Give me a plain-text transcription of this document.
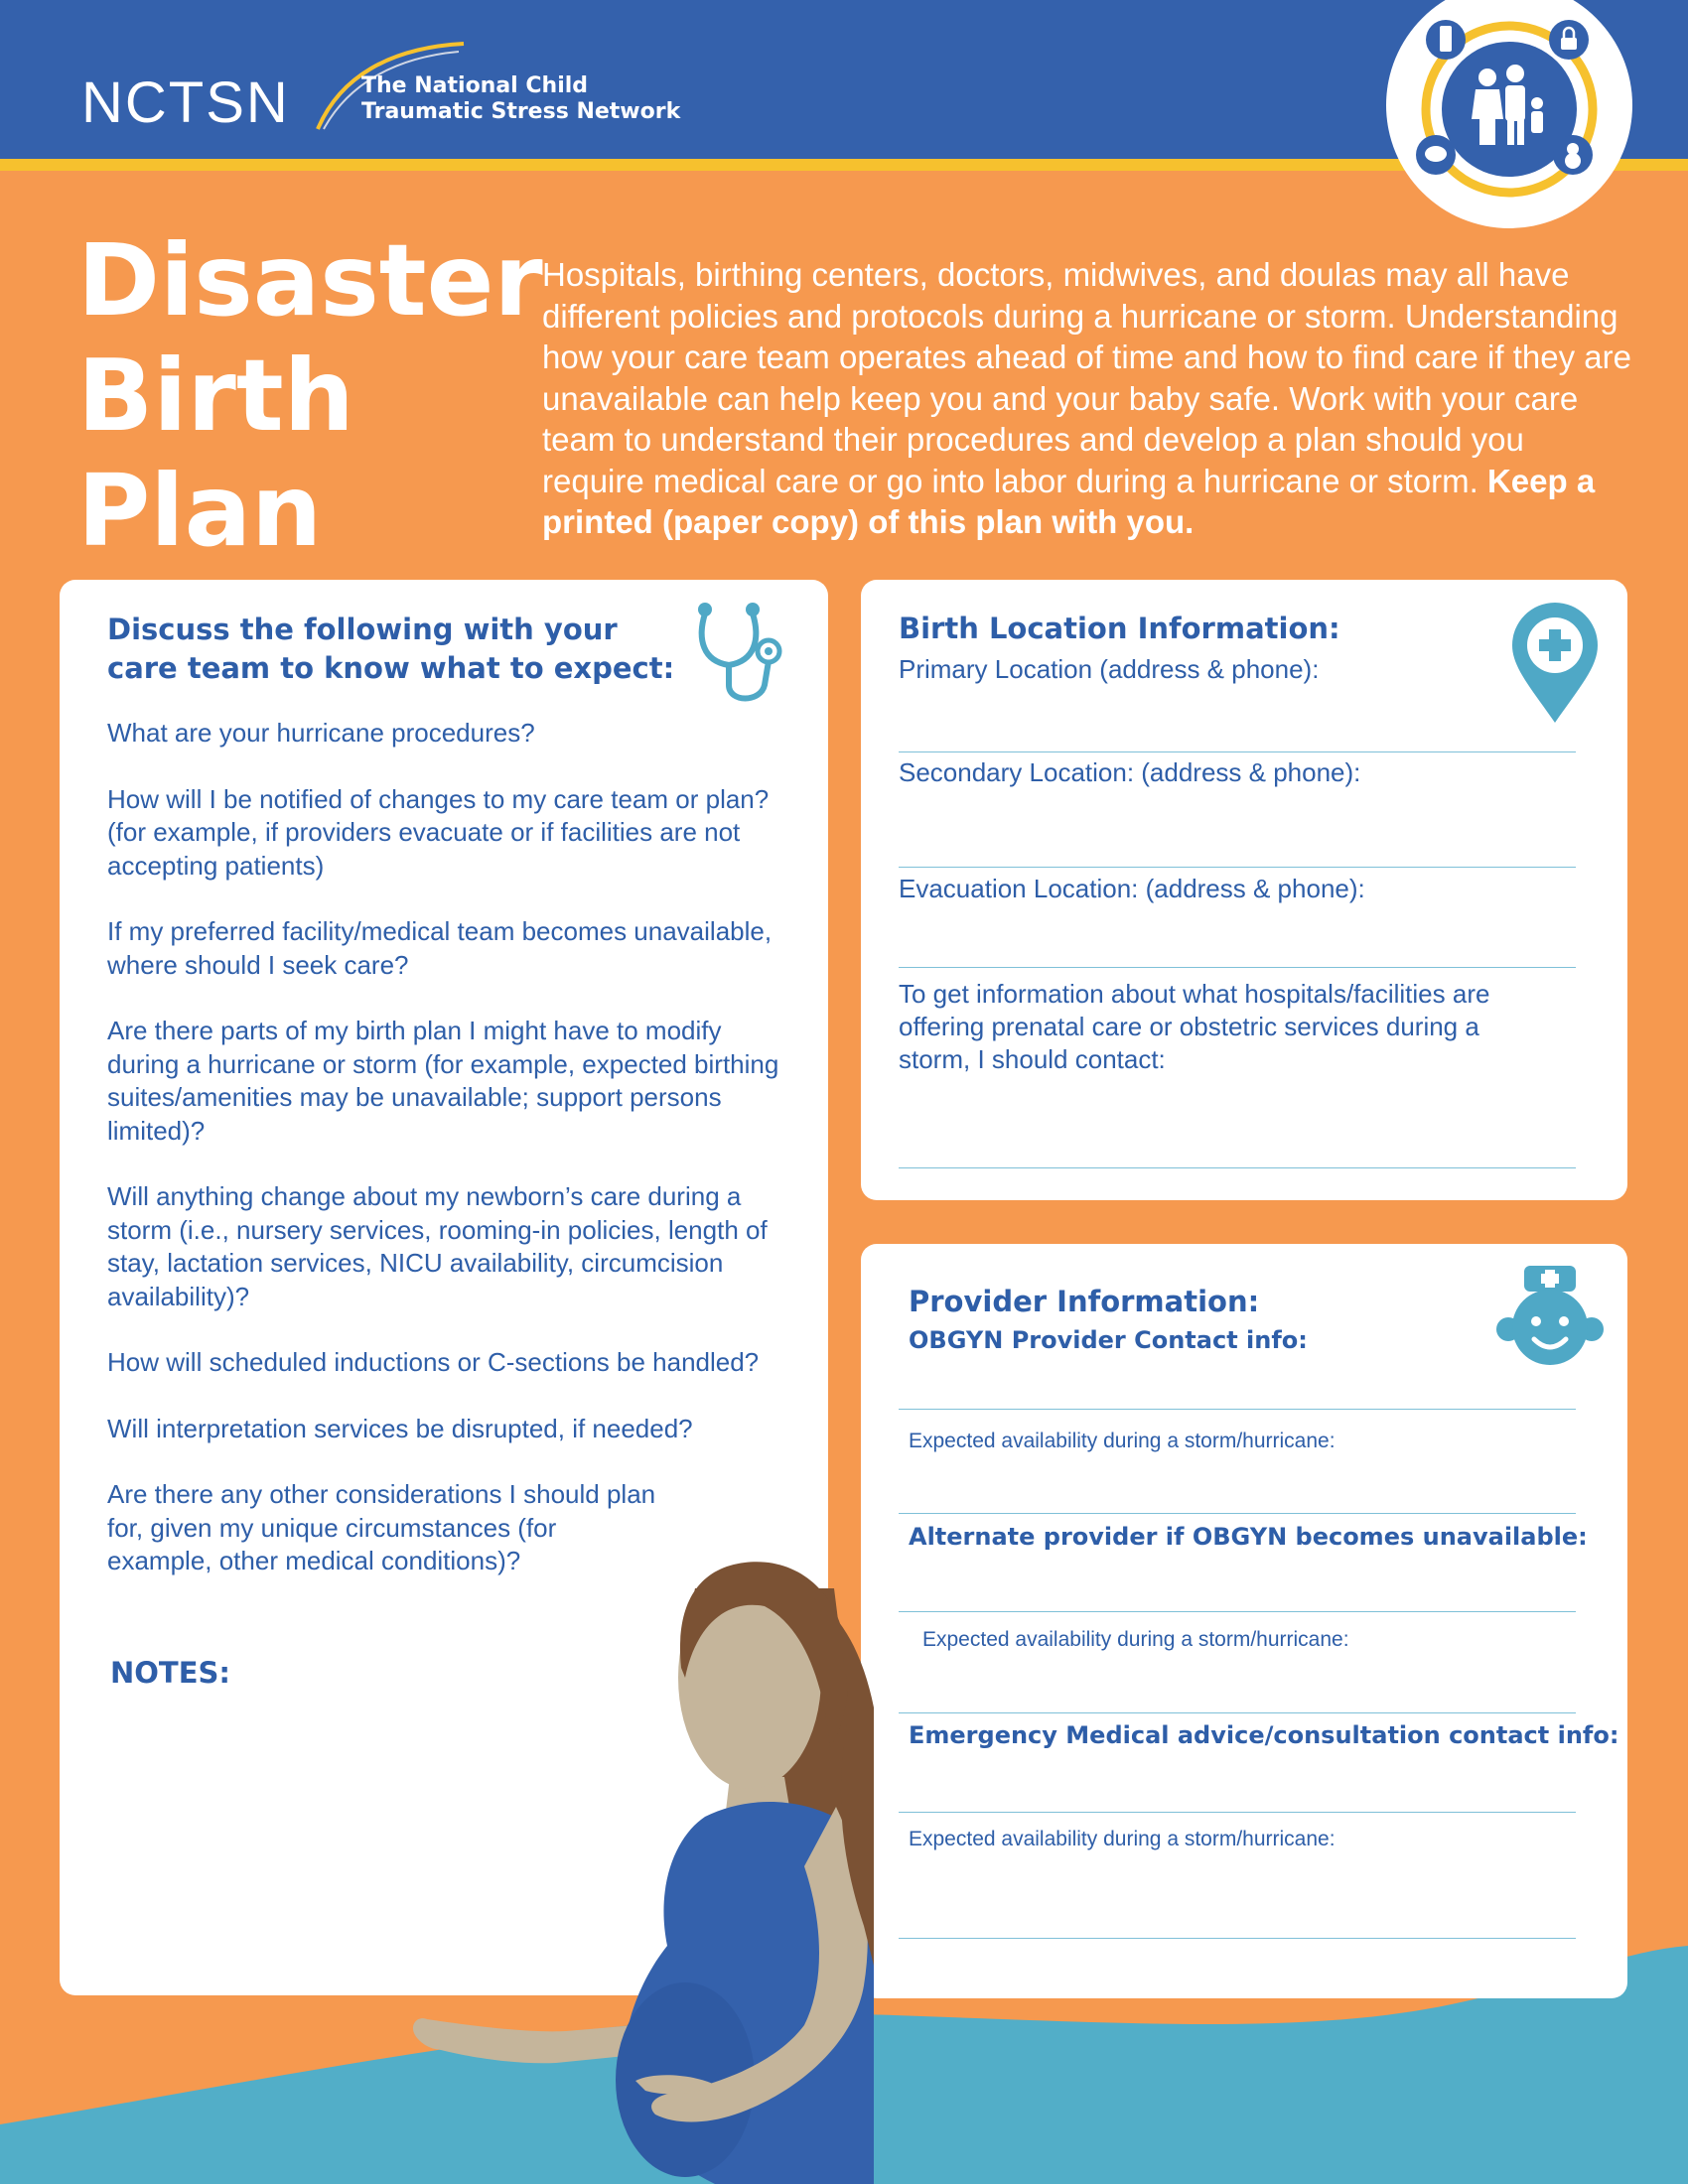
NCTSN	The National Child
Traumatic Stress Network
Disaster
Birth
Plan
Hospitals, birthing centers, doctors, midwives, and doulas may all have different policies and protocols during a hurricane or storm. Understanding how your care team operates ahead of time and how to find care if they are unavailable can help keep you and your baby safe. Work with your care team to understand their procedures and develop a plan should you require medical care or go into labor during a hurricane or storm. Keep a printed (paper copy) of this plan with you.
Discuss the following with your
care team to know what to expect:
What are your hurricane procedures?
How will I be notified of changes to my care team or plan? (for example, if providers evacuate or if facilities are not accepting patients)
If my preferred facility/medical team becomes unavailable, where should I seek care?
Are there parts of my birth plan I might have to modify during a hurricane or storm (for example, expected birthing suites/amenities may be unavailable; support persons limited)?
Will anything change about my newborn’s care during a storm (i.e., nursery services, rooming-in policies, length of stay, lactation services, NICU availability, circumcision availability)?
How will scheduled inductions or C-sections be handled?
Will interpretation services be disrupted, if needed?
Are there any other considerations I should plan for, given my unique circumstances (for example, other medical conditions)?
NOTES:
Birth Location Information:
Primary Location (address & phone):
Secondary Location: (address & phone):
Evacuation Location: (address & phone):
To get information about what hospitals/facilities are offering prenatal care or obstetric services during a storm, I should contact:
Provider Information:
OBGYN Provider Contact info:
Expected availability during a storm/hurricane:
Alternate provider if OBGYN becomes unavailable:
Expected availability during a storm/hurricane:
Emergency Medical advice/consultation contact info:
Expected availability during a storm/hurricane:
